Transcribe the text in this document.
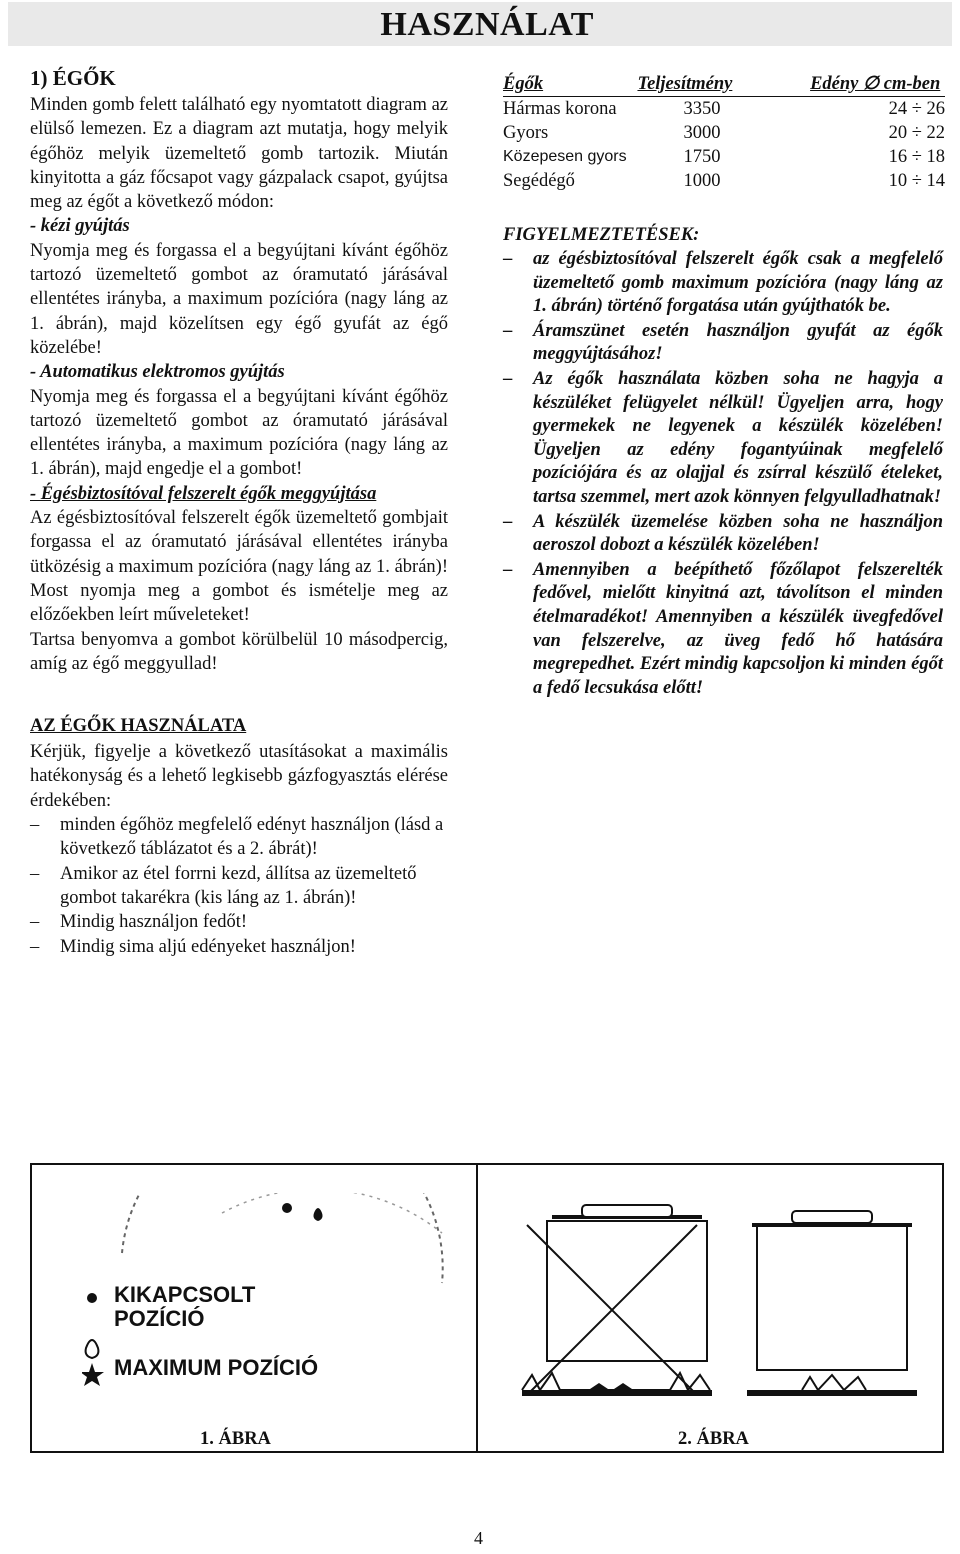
HASZNÁLAT
1) ÉGŐK

Minden gomb felett található egy nyomtatott diagram az elülső lemezen. Ez a diagram azt mutatja, hogy melyik égőhöz melyik üzemeltető gomb tartozik. Miután kinyitotta a gáz főcsapot vagy gázpalack csapot, gyújtsa meg az égőt a következő módon:

- kézi gyújtás

Nyomja meg és forgassa el a begyújtani kívánt égőhöz tartozó üzemeltető gombot az óramutató járásával ellentétes irányba, a maximum pozícióra (nagy láng az 1. ábrán), majd közelítsen egy égő gyufát az égő közelébe!

- Automatikus elektromos gyújtás

Nyomja meg és forgassa el a begyújtani kívánt égőhöz tartozó üzemeltető gombot az óramutató járásával ellentétes irányba, a maximum pozícióra (nagy láng az 1. ábrán), majd engedje el a gombot!

- Égésbiztosítóval felszerelt égők meggyújtása

Az égésbiztosítóval felszerelt égők üzemeltető gombjait forgassa el az óramutató járásával ellentétes irányba ütközésig a maximum pozícióra (nagy láng az 1. ábrán)! Most nyomja meg a gombot és ismételje meg az előzőekben leírt műveleteket!

Tartsa benyomva a gombot körülbelül 10 másodpercig, amíg az égő meggyullad!

AZ ÉGŐK HASZNÁLATA

Kérjük, figyelje a következő utasításokat a maximális hatékonyság és a lehető legkisebb gázfogyasztás elérése érdekében:

– minden égőhöz megfelelő edényt használjon (lásd a következő táblázatot és a 2. ábrát)!
– Amikor az étel forrni kezd, állítsa az üzemeltető gombot takarékra (kis láng az 1. ábrán)!
– Mindig használjon fedőt!
– Mindig sima aljú edényeket használjon!
Égők	Teljesítmény	Edény ∅ cm-ben
Hármas korona	3350	24 ÷ 26
Gyors	3000	20 ÷ 22
Közepesen gyors	1750	16 ÷ 18
Segédégő	1000	10 ÷ 14
FIGYELMEZTETÉSEK:
– az égésbiztosítóval felszerelt égők csak a megfelelő üzemeltető gomb maximum pozícióra (nagy láng az 1. ábrán) történő forgatása után gyújthatók be.
– Áramszünet esetén használjon gyufát az égők meggyújtásához!
– Az égők használata közben soha ne hagyja a készüléket felügyelet nélkül! Ügyeljen arra, hogy gyermekek ne legyenek a készülék közelében! Ügyeljen az edény fogantyúinak megfelelő pozíciójára és az olajjal és zsírral készülő ételeket, tartsa szemmel, mert azok könnyen felgyulladhatnak!
– A készülék üzemelése közben soha ne használjon aeroszol dobozt a készülék közelében!
– Amennyiben a beépíthető főzőlapot felszerelték fedővel, mielőtt kinyitná azt, távolítson el minden ételmaradékot! Amennyiben a készülék üvegfedővel van felszerelve, az üveg fedő hő hatására megrepedhet. Ezért mindig kapcsoljon ki minden égőt a fedő lecsukása előtt!
KIKAPCSOLT
POZÍCIÓ
MAXIMUM POZÍCIÓ
1. ÁBRA	2. ÁBRA
4
